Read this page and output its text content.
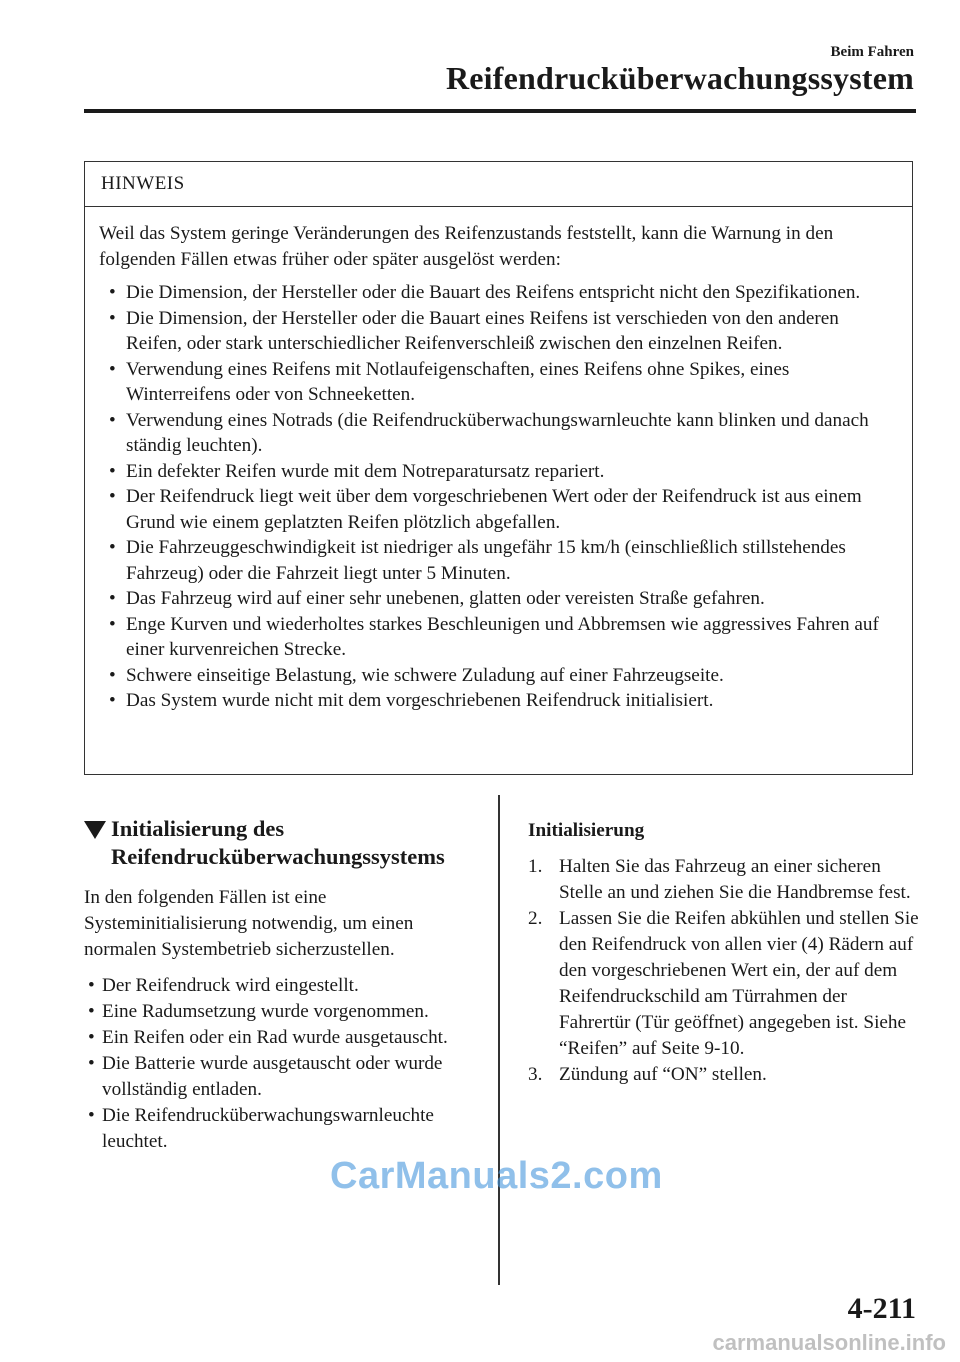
Beim Fahren
Reifendrucküberwachungssystem
HINWEIS

Weil das System geringe Veränderungen des Reifenzustands feststellt, kann die Warnung in den folgenden Fällen etwas früher oder später ausgelöst werden:

• Die Dimension, der Hersteller oder die Bauart des Reifens entspricht nicht den Spezifikationen.
• Die Dimension, der Hersteller oder die Bauart eines Reifens ist verschieden von den anderen Reifen, oder stark unterschiedlicher Reifenverschleiß zwischen den einzelnen Reifen.
• Verwendung eines Reifens mit Notlaufeigenschaften, eines Reifens ohne Spikes, eines Winterreifens oder von Schneeketten.
• Verwendung eines Notrads (die Reifendrucküberwachungswarnleuchte kann blinken und danach ständig leuchten).
• Ein defekter Reifen wurde mit dem Notreparatursatz repariert.
• Der Reifendruck liegt weit über dem vorgeschriebenen Wert oder der Reifendruck ist aus einem Grund wie einem geplatzten Reifen plötzlich abgefallen.
• Die Fahrzeuggeschwindigkeit ist niedriger als ungefähr 15 km/h (einschließlich stillstehendes Fahrzeug) oder die Fahrzeit liegt unter 5 Minuten.
• Das Fahrzeug wird auf einer sehr unebenen, glatten oder vereisten Straße gefahren.
• Enge Kurven und wiederholtes starkes Beschleunigen und Abbremsen wie aggressives Fahren auf einer kurvenreichen Strecke.
• Schwere einseitige Belastung, wie schwere Zuladung auf einer Fahrzeugseite.
• Das System wurde nicht mit dem vorgeschriebenen Reifendruck initialisiert.
Initialisierung des
Reifendrucküberwachungssystems

In den folgenden Fällen ist eine Systeminitialisierung notwendig, um einen normalen Systembetrieb sicherzustellen.

• Der Reifendruck wird eingestellt.
• Eine Radumsetzung wurde vorgenommen.
• Ein Reifen oder ein Rad wurde ausgetauscht.
• Die Batterie wurde ausgetauscht oder wurde vollständig entladen.
• Die Reifendrucküberwachungswarnleuchte leuchtet.
Initialisierung
1. Halten Sie das Fahrzeug an einer sicheren Stelle an und ziehen Sie die Handbremse fest.
2. Lassen Sie die Reifen abkühlen und stellen Sie den Reifendruck von allen vier (4) Rädern auf den vorgeschriebenen Wert ein, der auf dem Reifendruckschild am Türrahmen der Fahrertür (Tür geöffnet) angegeben ist. Siehe “Reifen” auf Seite 9-10.
3. Zündung auf “ON” stellen.
4-211
CarManuals2.com
carmanualsonline.info
